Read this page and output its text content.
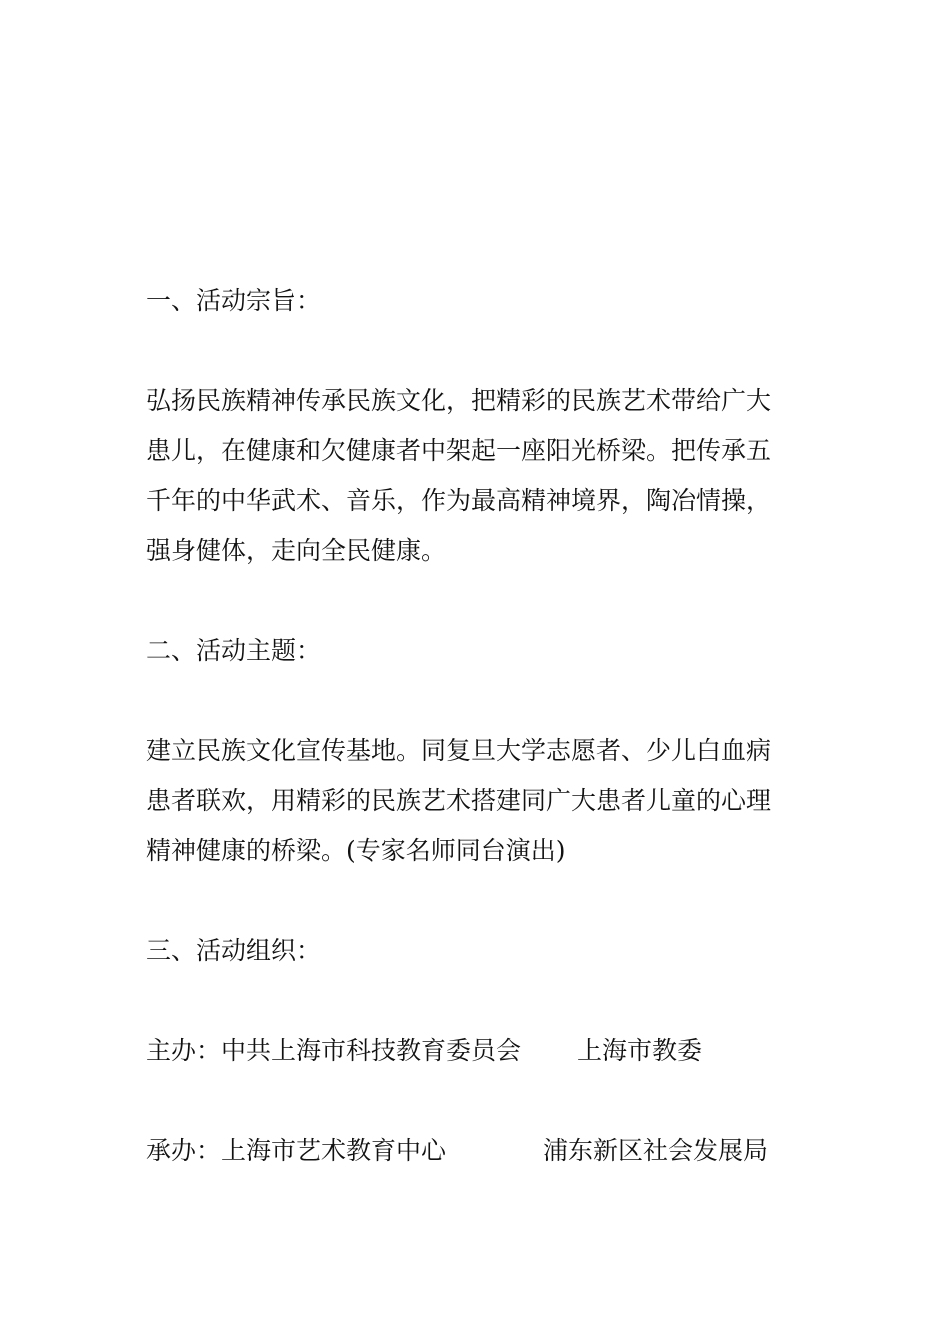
一、活动宗旨：

弘扬民族精神传承民族文化，把精彩的民族艺术带给广大
患儿，在健康和欠健康者中架起一座阳光桥梁。把传承五
千年的中华武术、音乐，作为最高精神境界，陶冶情操，
强身健体，走向全民健康。

二、活动主题：

建立民族文化宣传基地。同复旦大学志愿者、少儿白血病
患者联欢，用精彩的民族艺术搭建同广大患者儿童的心理
精神健康的桥梁。(专家名师同台演出)

三、活动组织：

主办：中共上海市科技教育委员会 上海市教委

承办：上海市艺术教育中心	浦东新区社会发展局
